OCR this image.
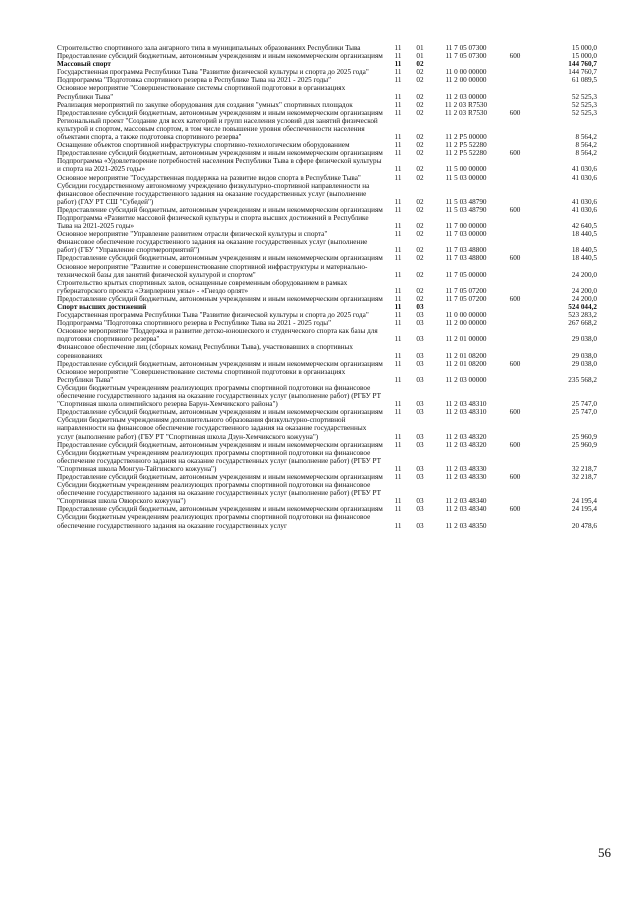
Строительство спортивного зала ангарного типа в муниципальных образованиях Республики Тыва	11	01	11 7 05 07300	15 000,0
Предоставление субсидий бюджетным, автономным учреждениям и иным некоммерческим организациям	11	01	11 7 05 07300	600	15 000,0
Массовый спорт	11	02	144 760,7
Государственная программа Республики Тыва "Развитие физической культуры и спорта до 2025 года"	11	02	11 0 00 00000	144 760,7
Подпрограмма "Подготовка спортивного резерва в Республике Тыва на 2021 - 2025 годы"	11	02	11 2 00 00000	61 089,5
Основное мероприятие "Совершенствование системы спортивной подготовки в организациях Республики Тыва"	11	02	11 2 03 00000	52 525,3
Реализация мероприятий по закупке оборудования для создания "умных" спортивных площадок	11	02	11 2 03 R7530	52 525,3
Предоставление субсидий бюджетным, автономным учреждениям и иным некоммерческим организациям	11	02	11 2 03 R7530	600	52 525,3
Региональный проект "Создание для всех категорий и групп населения условий для занятий физической культурой и спортом, массовым спортом, в том числе повышение уровня обеспеченности населения объектами спорта, а также подготовка спортивного резерва"	11	02	11 2 P5 00000	8 564,2
Оснащение объектов спортивной инфраструктуры спортивно-технологическим оборудованием	11	02	11 2 P5 52280	8 564,2
Предоставление субсидий бюджетным, автономным учреждениям и иным некоммерческим организациям	11	02	11 2 P5 52280	600	8 564,2
Подпрограмма «Удовлетворение потребностей населения Республики Тыва в сфере физической культуры и спорта на 2021-2025 годы»	11	02	11 5 00 00000	41 030,6
Основное мероприятие "Государственная поддержка на развитие видов спорта в Республике Тыва"	11	02	11 5 03 00000	41 030,6
Субсидии государственному автономному учреждению физкультурно-спортивной направленности на финансовое обеспечение государственного задания на оказание государственных услуг (выполнение работ) (ГАУ РТ СШ "Субедей")	11	02	11 5 03 48790	41 030,6
Предоставление субсидий бюджетным, автономным учреждениям и иным некоммерческим организациям	11	02	11 5 03 48790	600	41 030,6
Подпрограмма «Развитие массовой физической культуры и спорта высших достижений в Республике Тыва на 2021-2025 годы»	11	02	11 7 00 00000	42 640,5
Основное мероприятие "Управление развитием отрасли физической культуры и спорта"	11	02	11 7 03 00000	18 440,5
Финансовое обеспечение государственного задания на оказание государственных услуг (выполнение работ) (ГБУ "Управление спортмероприятий")	11	02	11 7 03 48800	18 440,5
Предоставление субсидий бюджетным, автономным учреждениям и иным некоммерческим организациям	11	02	11 7 03 48800	600	18 440,5
Основное мероприятие "Развитие и совершенствование спортивной инфраструктуры и материально-технической базы для занятий физической культурой и спортом"	11	02	11 7 05 00000	24 200,0
Строительство крытых спортивных залов, оснащенные современным оборудованием в рамках губернаторского проекта «Эзирлернин уязы» - «Гнездо орлят»	11	02	11 7 05 07200	24 200,0
Предоставление субсидий бюджетным, автономным учреждениям и иным некоммерческим организациям	11	02	11 7 05 07200	600	24 200,0
Спорт высших достижений	11	03	524 044,2
Государственная программа Республики Тыва "Развитие физической культуры и спорта до 2025 года"	11	03	11 0 00 00000	523 283,2
Подпрограмма "Подготовка спортивного резерва в Республике Тыва на 2021 - 2025 годы"	11	03	11 2 00 00000	267 668,2
Основное мероприятие "Поддержка и развитие детско-юношеского и студенческого спорта как базы для подготовки спортивного резерва"	11	03	11 2 01 00000	29 038,0
Финансовое обеспечение лиц (сборных команд Республики Тыва), участвовавших в спортивных соревнованиях	11	03	11 2 01 08200	29 038,0
Предоставление субсидий бюджетным, автономным учреждениям и иным некоммерческим организациям	11	03	11 2 01 08200	600	29 038,0
Основное мероприятие "Совершенствование системы спортивной подготовки в организациях Республики Тыва"	11	03	11 2 03 00000	235 568,2
Субсидии бюджетным учреждениям реализующих программы спортивной подготовки на финансовое обеспечение государственного задания на оказание государственных услуг (выполнение работ) (РГБУ РТ "Спортивная школа олимпийского резерва Барун-Хемчикского района")	11	03	11 2 03 48310	25 747,0
Предоставление субсидий бюджетным, автономным учреждениям и иным некоммерческим организациям	11	03	11 2 03 48310	600	25 747,0
Субсидии бюджетным учреждениям дополнительного образования физкультурно-спортивной направленности на финансовое обеспечение государственного задания на оказание государственных услуг (выполнение работ) (ГБУ РТ "Спортивная школа Дзун-Хемчикского кожууна")	11	03	11 2 03 48320	25 960,9
Предоставление субсидий бюджетным, автономным учреждениям и иным некоммерческим организациям	11	03	11 2 03 48320	600	25 960,9
Субсидии бюджетным учреждениям реализующих программы спортивной подготовки на финансовое обеспечение государственного задания на оказание государственных услуг (выполнение работ) (РГБУ РТ "Спортивная школа Монгун-Тайгинского кожууна")	11	03	11 2 03 48330	32 218,7
Предоставление субсидий бюджетным, автономным учреждениям и иным некоммерческим организациям	11	03	11 2 03 48330	600	32 218,7
Субсидии бюджетным учреждениям реализующих программы спортивной подготовки на финансовое обеспечение государственного задания на оказание государственных услуг (выполнение работ) (РГБУ РТ "Спортивная школа Овюрского кожууна")	11	03	11 2 03 48340	24 195,4
Предоставление субсидий бюджетным, автономным учреждениям и иным некоммерческим организациям	11	03	11 2 03 48340	600	24 195,4
Субсидии бюджетным учреждениям реализующих программы спортивной подготовки на финансовое обеспечение государственного задания на оказание государственных услуг	11	03	11 2 03 48350	20 478,6
56
